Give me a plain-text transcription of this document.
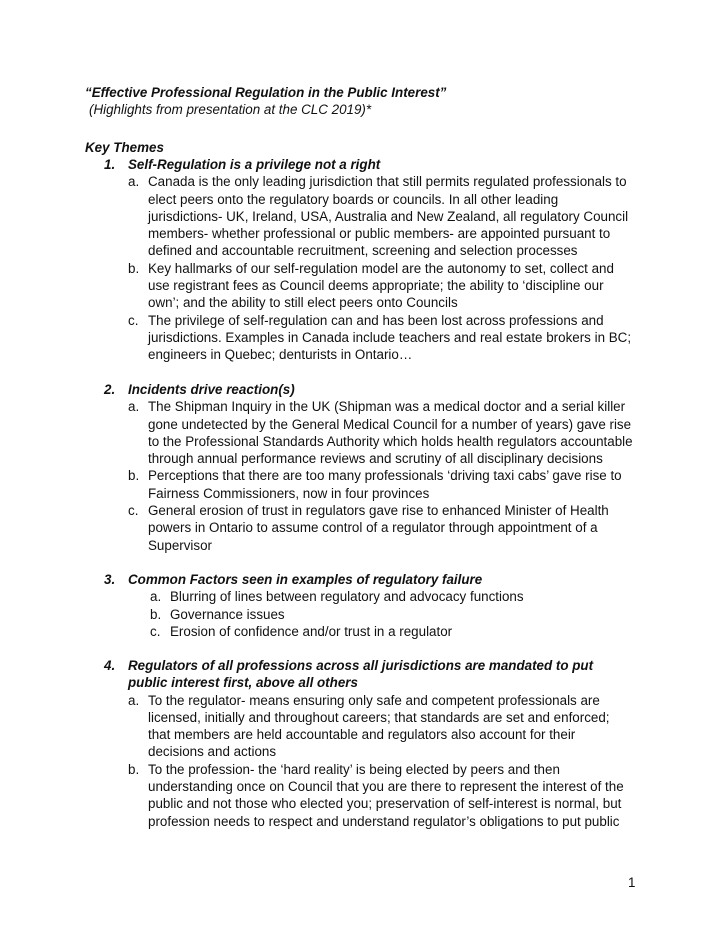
“Effective Professional Regulation in the Public Interest”
(Highlights from presentation at the CLC 2019)*
Key Themes
1. Self-Regulation is a privilege not a right
a. Canada is the only leading jurisdiction that still permits regulated professionals to elect peers onto the regulatory boards or councils. In all other leading jurisdictions- UK, Ireland, USA, Australia and New Zealand, all regulatory Council members- whether professional or public members- are appointed pursuant to defined and accountable recruitment, screening and selection processes
b. Key hallmarks of our self-regulation model are the autonomy to set, collect and use registrant fees as Council deems appropriate; the ability to ‘discipline our own’; and the ability to still elect peers onto Councils
c. The privilege of self-regulation can and has been lost across professions and jurisdictions. Examples in Canada include teachers and real estate brokers in BC; engineers in Quebec; denturists in Ontario…
2. Incidents drive reaction(s)
a. The Shipman Inquiry in the UK (Shipman was a medical doctor and a serial killer gone undetected by the General Medical Council for a number of years) gave rise to the Professional Standards Authority which holds health regulators accountable through annual performance reviews and scrutiny of all disciplinary decisions
b. Perceptions that there are too many professionals ‘driving taxi cabs’ gave rise to Fairness Commissioners, now in four provinces
c. General erosion of trust in regulators gave rise to enhanced Minister of Health powers in Ontario to assume control of a regulator through appointment of a Supervisor
3. Common Factors seen in examples of regulatory failure
a. Blurring of lines between regulatory and advocacy functions
b. Governance issues
c. Erosion of confidence and/or trust in a regulator
4. Regulators of all professions across all jurisdictions are mandated to put public interest first, above all others
a. To the regulator- means ensuring only safe and competent professionals are licensed, initially and throughout careers; that standards are set and enforced; that members are held accountable and regulators also account for their decisions and actions
b. To the profession- the ‘hard reality’ is being elected by peers and then understanding once on Council that you are there to represent the interest of the public and not those who elected you; preservation of self-interest is normal, but profession needs to respect and understand regulator’s obligations to put public
1
